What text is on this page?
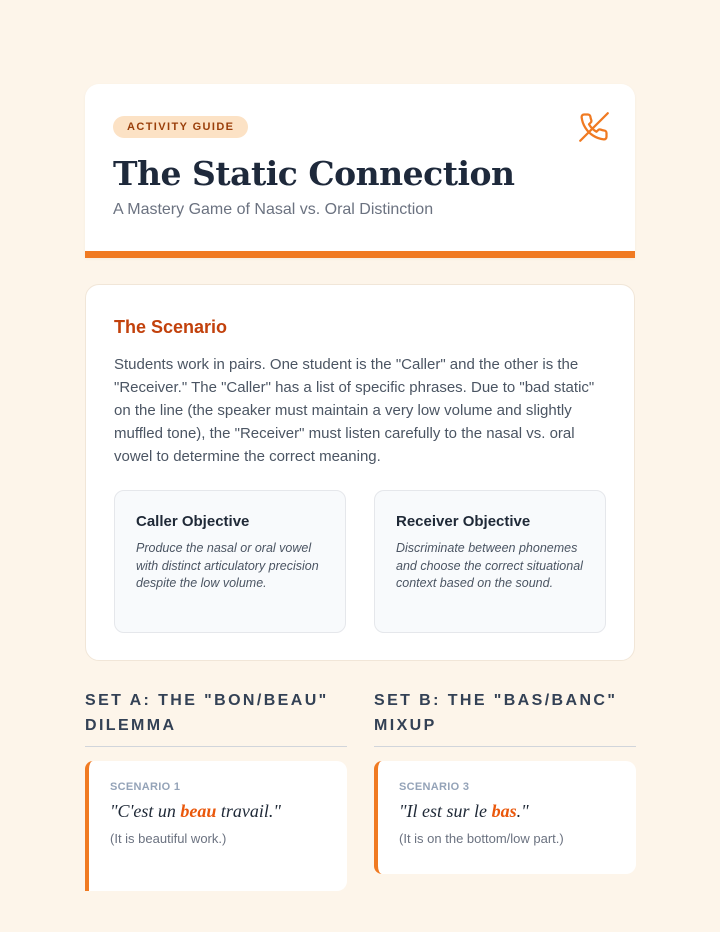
ACTIVITY GUIDE
The Static Connection

A Mastery Game of Nasal vs. Oral Distinction

The Scenario

Students work in pairs. One student is the "Caller" and the other is the "Receiver." The "Caller" has a list of specific phrases. Due to "bad static" on the line (the speaker must maintain a very low volume and slightly muffled tone), the "Receiver" must listen carefully to the nasal vs. oral vowel to determine the correct meaning.

Caller Objective
Produce the nasal or oral vowel with distinct articulatory precision despite the low volume.
Receiver Objective
Discriminate between phonemes and choose the correct situational context based on the sound.
SET A: THE "BON/BEAU" DILEMMA
SCENARIO 1
"C'est un beau travail."
(It is beautiful work.)
SET B: THE "BAS/BANC" MIXUP
SCENARIO 3
"Il est sur le bas."
(It is on the bottom/low part.)
